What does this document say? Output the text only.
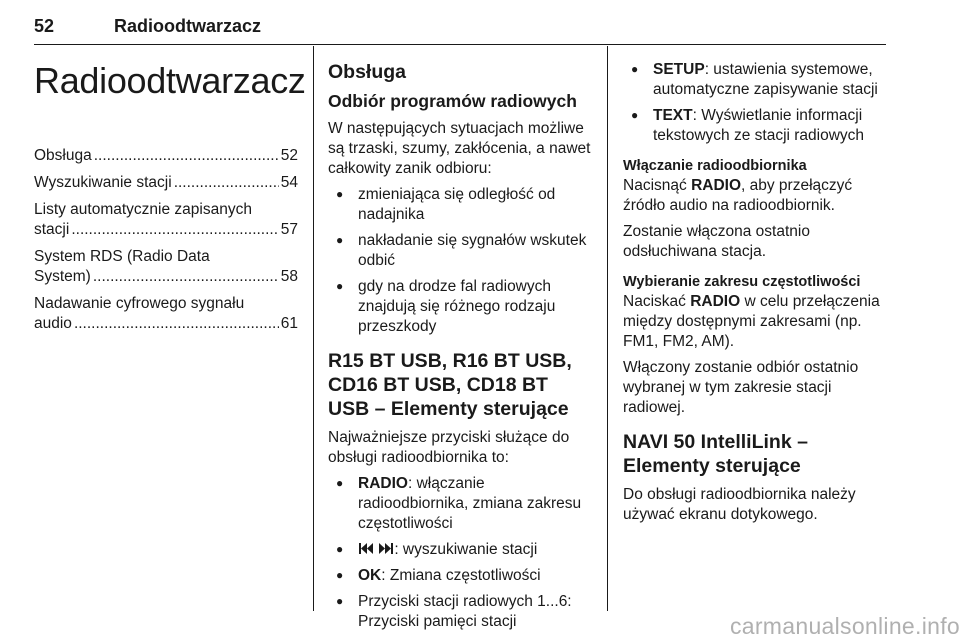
52	Radioodtwarzacz
Radioodtwarzacz
Obsługa .....	52
Wyszukiwanie stacji .....	54
Listy automatycznie zapisanych
stacji .....	57
System RDS (Radio Data
System) .....	58
Nadawanie cyfrowego sygnału
audio .....	61
Obsługa
Odbiór programów radiowych

W następujących sytuacjach możliwe są trzaski, szumy, zakłócenia, a nawet całkowity zanik odbioru:

● zmieniająca się odległość od nadajnika
● nakładanie się sygnałów wskutek odbić
● gdy na drodze fal radiowych znajdują się różnego rodzaju przeszkody
R15 BT USB, R16 BT USB, CD16 BT USB, CD18 BT USB – Elementy sterujące

Najważniejsze przyciski służące do obsługi radioodbiornika to:

● RADIO: włączanie radioodbiornika, zmiana zakresu częstotliwości
● : wyszukiwanie stacji
● OK: Zmiana częstotliwości
● Przyciski stacji radiowych 1...6: Przyciski pamięci stacji
● SETUP: ustawienia systemowe, automatyczne zapisywanie stacji
● TEXT: Wyświetlanie informacji tekstowych ze stacji radiowych
Włączanie radioodbiornika

Nacisnąć RADIO, aby przełączyć źródło audio na radioodbiornik.

Zostanie włączona ostatnio odsłuchiwana stacja.

Wybieranie zakresu częstotliwości

Naciskać RADIO w celu przełączenia między dostępnymi zakresami (np. FM1, FM2, AM).

Włączony zostanie odbiór ostatnio wybranej w tym zakresie stacji radiowej.

NAVI 50 IntelliLink – Elementy sterujące

Do obsługi radioodbiornika należy używać ekranu dotykowego.

carmanualsonline.info
